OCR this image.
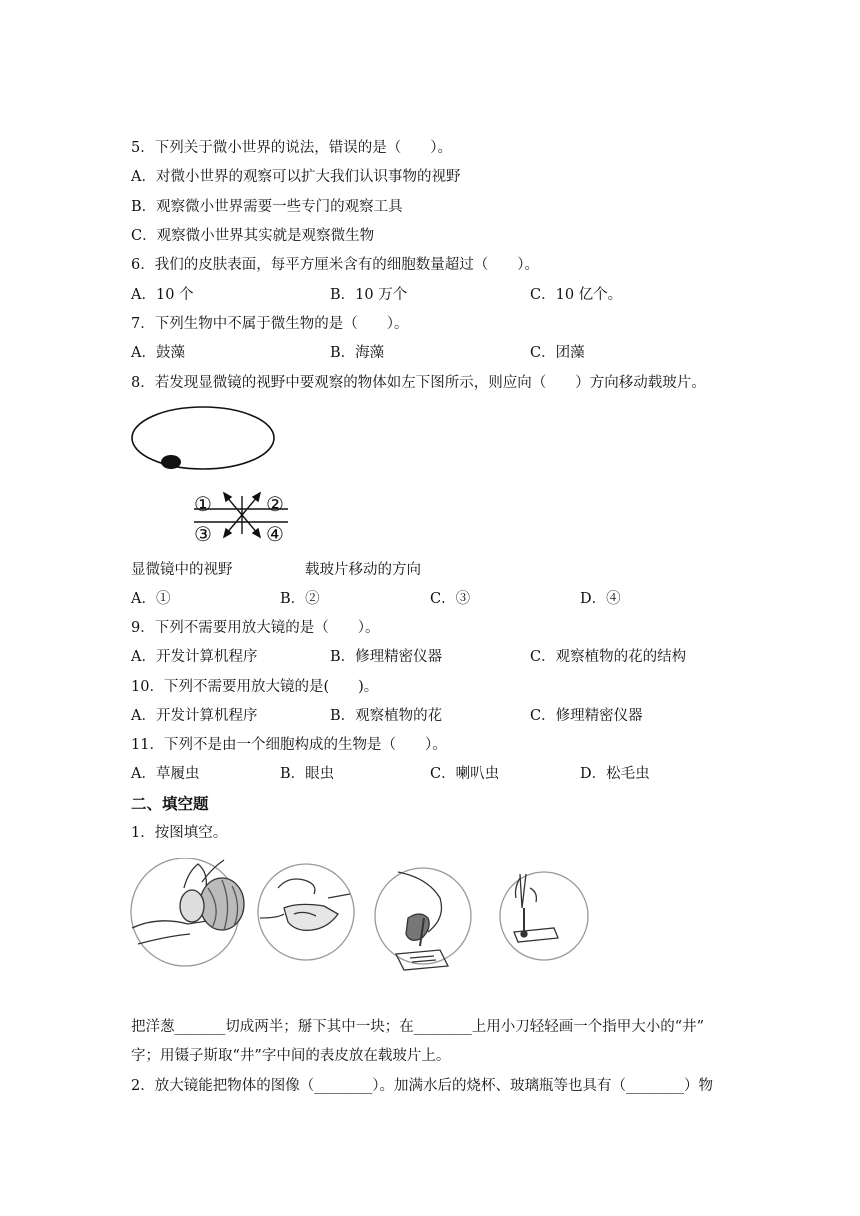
5．下列关于微小世界的说法，错误的是（　　）。
A．对微小世界的观察可以扩大我们认识事物的视野
B．观察微小世界需要一些专门的观察工具
C．观察微小世界其实就是观察微生物
6．我们的皮肤表面，每平方厘米含有的细胞数量超过（　　）。
A．10 个	B．10 万个	C．10 亿个。
7．下列生物中不属于微生物的是（　　）。
A．鼓藻	B．海藻	C．团藻
8．若发现显微镜的视野中要观察的物体如左下图所示，则应向（　　）方向移动载玻片。
①	②
③	④
显微镜中的视野	载玻片移动的方向
A．①	B．②	C．③	D．④
9．下列不需要用放大镜的是（　　）。
A．开发计算机程序	B．修理精密仪器	C．观察植物的花的结构
10．下列不需要用放大镜的是(　　)。
A．开发计算机程序	B．观察植物的花	C．修理精密仪器
11．下列不是由一个细胞构成的生物是（　　）。
A．草履虫	B．眼虫	C．喇叭虫	D．松毛虫
二、填空题
1．按图填空。
把洋葱_______切成两半；掰下其中一块；在________上用小刀轻轻画一个指甲大小的“井”
字；用镊子斯取“井”字中间的表皮放在载玻片上。
2．放大镜能把物体的图像（________）。加满水后的烧杯、玻璃瓶等也具有（________）物
